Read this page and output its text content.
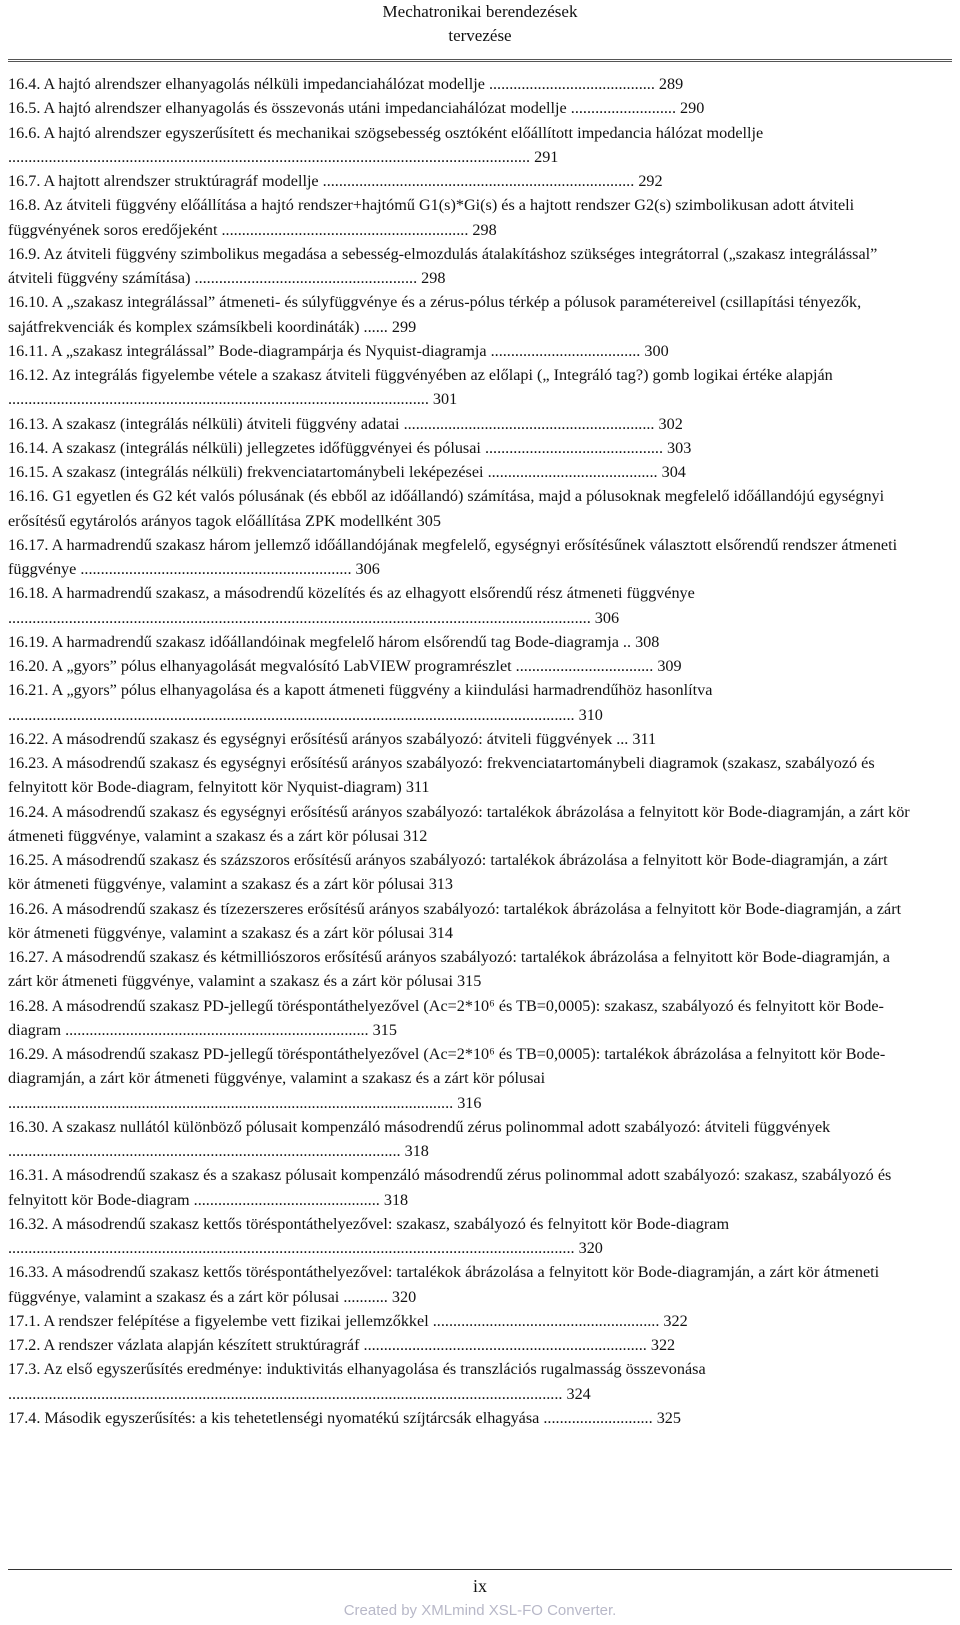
Mechatronikai berendezések
tervezése

16.4. A hajtó alrendszer elhanyagolás nélküli impedanciahálózat modellje ......................................... 289

16.5. A hajtó alrendszer elhanyagolás és összevonás utáni impedanciahálózat modellje .......................... 290

16.6. A hajtó alrendszer egyszerűsített és mechanikai szögsebesség osztóként előállított impedancia hálózat modellje ................................................................................................................................. 291

16.7. A hajtott alrendszer struktúragráf modellje ............................................................................. 292

16.8. Az átviteli függvény előállítása a hajtó rendszer+hajtómű G1(s)*Gi(s) és a hajtott rendszer G2(s) szimbolikusan adott átviteli függvényének soros eredőjeként ............................................................. 298

16.9. Az átviteli függvény szimbolikus megadása a sebesség-elmozdulás átalakításhoz szükséges integrátorral („szakasz integrálással” átviteli függvény számítása) ....................................................... 298

16.10. A „szakasz integrálással” átmeneti- és súlyfüggvénye és a zérus-pólus térkép a pólusok paramétereivel (csillapítási tényezők, sajátfrekvenciák és komplex számsíkbeli koordináták) ...... 299

16.11. A „szakasz integrálással” Bode-diagrampárja és Nyquist-diagramja ..................................... 300

16.12. Az integrálás figyelembe vétele a szakasz átviteli függvényében az előlapi („ Integráló tag?) gomb logikai értéke alapján ........................................................................................................ 301

16.13. A szakasz (integrálás nélküli) átviteli függvény adatai .............................................................. 302

16.14. A szakasz (integrálás nélküli) jellegzetes időfüggvényei és pólusai ............................................ 303

16.15. A szakasz (integrálás nélküli) frekvenciatartománybeli leképezései .......................................... 304

16.16. G1 egyetlen és G2 két valós pólusának (és ebből az időállandó) számítása, majd a pólusoknak megfelelő időállandójú egységnyi erősítésű egytárolós arányos tagok előállítása ZPK modellként 305

16.17. A harmadrendű szakasz három jellemző időállandójának megfelelő, egységnyi erősítésűnek választott elsőrendű rendszer átmeneti függvénye ................................................................... 306

16.18. A harmadrendű szakasz, a másodrendű közelítés és az elhagyott elsőrendű rész átmeneti függvénye ................................................................................................................................................ 306

16.19. A harmadrendű szakasz időállandóinak megfelelő három elsőrendű tag Bode-diagramja .. 308

16.20. A „gyors” pólus elhanyagolását megvalósító LabVIEW programrészlet .................................. 309

16.21. A „gyors” pólus elhanyagolása és a kapott átmeneti függvény a kiindulási harmadrendűhöz hasonlítva ............................................................................................................................................ 310

16.22. A másodrendű szakasz és egységnyi erősítésű arányos szabályozó: átviteli függvények ... 311

16.23. A másodrendű szakasz és egységnyi erősítésű arányos szabályozó: frekvenciatartománybeli diagramok (szakasz, szabályozó és felnyitott kör Bode-diagram, felnyitott kör Nyquist-diagram) 311

16.24. A másodrendű szakasz és egységnyi erősítésű arányos szabályozó: tartalékok ábrázolása a felnyitott kör Bode-diagramján, a zárt kör átmeneti függvénye, valamint a szakasz és a zárt kör pólusai 312

16.25. A másodrendű szakasz és százszoros erősítésű arányos szabályozó: tartalékok ábrázolása a felnyitott kör Bode-diagramján, a zárt kör átmeneti függvénye, valamint a szakasz és a zárt kör pólusai 313

16.26. A másodrendű szakasz és tízezerszeres erősítésű arányos szabályozó: tartalékok ábrázolása a felnyitott kör Bode-diagramján, a zárt kör átmeneti függvénye, valamint a szakasz és a zárt kör pólusai 314

16.27. A másodrendű szakasz és kétmilliószoros erősítésű arányos szabályozó: tartalékok ábrázolása a felnyitott kör Bode-diagramján, a zárt kör átmeneti függvénye, valamint a szakasz és a zárt kör pólusai 315

16.28. A másodrendű szakasz PD-jellegű töréspontáthelyezővel (Ac=2*10⁶ és TB=0,0005): szakasz, szabályozó és felnyitott kör Bode-diagram ........................................................................... 315

16.29. A másodrendű szakasz PD-jellegű töréspontáthelyezővel (Ac=2*10⁶ és TB=0,0005): tartalékok ábrázolása a felnyitott kör Bode-diagramján, a zárt kör átmeneti függvénye, valamint a szakasz és a zárt kör pólusai .............................................................................................................. 316

16.30. A szakasz nullától különböző pólusait kompenzáló másodrendű zérus polinommal adott szabályozó: átviteli függvények ................................................................................................. 318

16.31. A másodrendű szakasz és a szakasz pólusait kompenzáló másodrendű zérus polinommal adott szabályozó: szakasz, szabályozó és felnyitott kör Bode-diagram .............................................. 318

16.32. A másodrendű szakasz kettős töréspontáthelyezővel: szakasz, szabályozó és felnyitott kör Bode-diagram ............................................................................................................................................ 320

16.33. A másodrendű szakasz kettős töréspontáthelyezővel: tartalékok ábrázolása a felnyitott kör Bode-diagramján, a zárt kör átmeneti függvénye, valamint a szakasz és a zárt kör pólusai ........... 320

17.1. A rendszer felépítése a figyelembe vett fizikai jellemzőkkel ........................................................ 322

17.2. A rendszer vázlata alapján készített struktúragráf ...................................................................... 322

17.3. Az első egyszerűsítés eredménye: induktivitás elhanyagolása és transzlációs rugalmasság összevonása ......................................................................................................................................... 324

17.4. Második egyszerűsítés: a kis tehetetlenségi nyomatékú szíjtárcsák elhagyása ........................... 325

ix
Created by XMLmind XSL-FO Converter.
